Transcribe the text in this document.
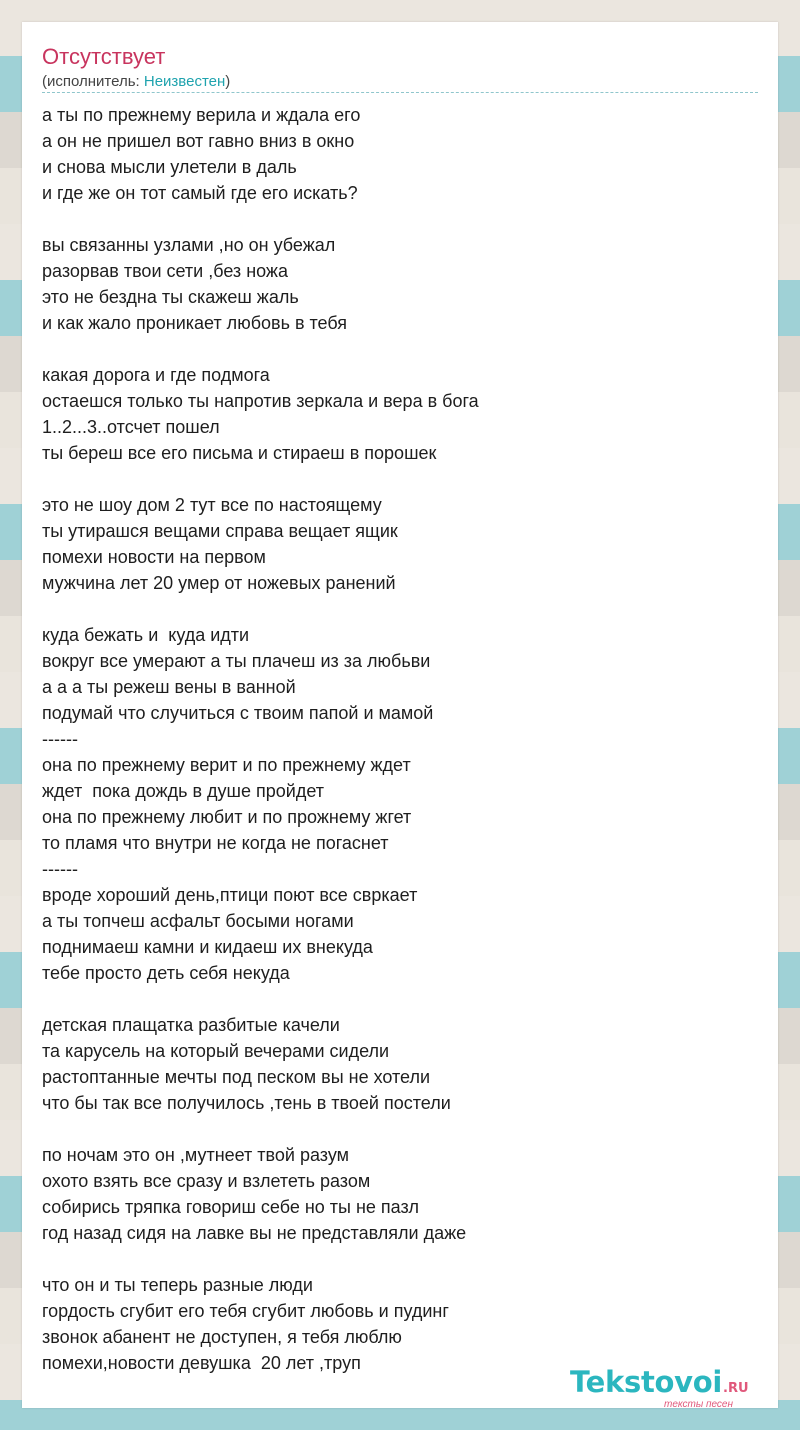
Отсутствует
(исполнитель: Неизвестен)
а ты по прежнему верила и ждала его
а он не пришел вот гавно вниз в окно
и снова мысли улетели в даль
и где же он тот самый где его искать?
вы связанны узлами ,но он убежал
разорвав твои сети ,без ножа
это не бездна ты скажеш жаль
и как жало проникает любовь в тебя
какая дорога и где подмога
остаешся только ты напротив зеркала и вера в бога
1..2...3..отсчет пошел
ты береш все его письма и стираеш в порошек
это не шоу дом 2 тут все по настоящему
ты утирашся вещами справа вещает ящик
помехи новости на первом
мужчина лет 20 умер от ножевых ранений
куда бежать и  куда идти
вокруг все умерают а ты плачеш из за любьви
а а а ты режеш вены в ванной
подумай что случиться с твоим папой и мамой
------
она по прежнему верит и по прежнему ждет
ждет  пока дождь в душе пройдет
она по прежнему любит и по прожнему жгет
то пламя что внутри не когда не погаснет
------
вроде хороший день,птици поют все свркает
а ты топчеш асфальт босыми ногами
поднимаеш камни и кидаеш их внекуда
тебе просто деть себя некуда
детская плащатка разбитые качели
та карусель на который вечерами сидели
растоптанные мечты под песком вы не хотели
что бы так все получилось ,тень в твоей постели
по ночам это он ,мутнеет твой разум
охото взять все сразу и взлететь разом
собирись тряпка говориш себе но ты не пазл
год назад сидя на лавке вы не представляли даже
что он и ты теперь разные люди
гордость сгубит его тебя сгубит любовь и пудинг
звонок абанент не доступен, я тебя люблю
помехи,новости девушка  20 лет ,труп
Tekstovoi.RU
тексты песен
